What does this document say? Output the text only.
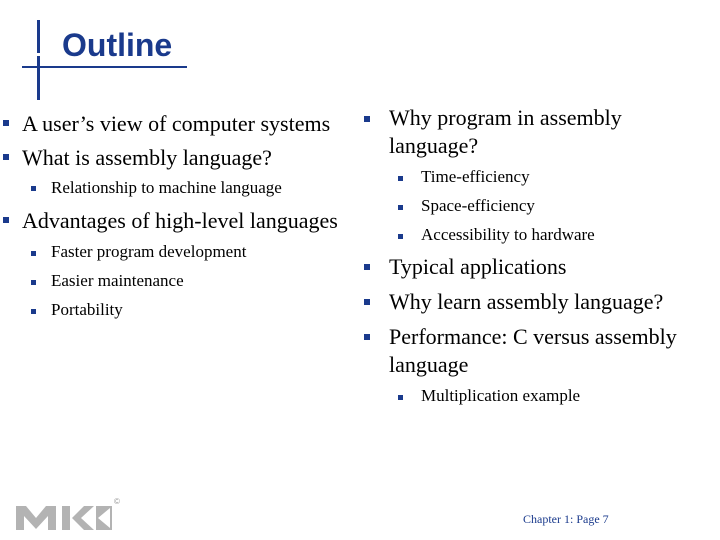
Outline
A user’s view of computer systems
What is assembly language?
Relationship to machine language
Advantages of high-level languages
Faster program development
Easier maintenance
Portability
Why program in assembly
language?
Time-efficiency
Space-efficiency
Accessibility to hardware
Typical applications
Why learn assembly language?
Performance: C versus assembly
language
Multiplication example
©
Chapter 1: Page 7
